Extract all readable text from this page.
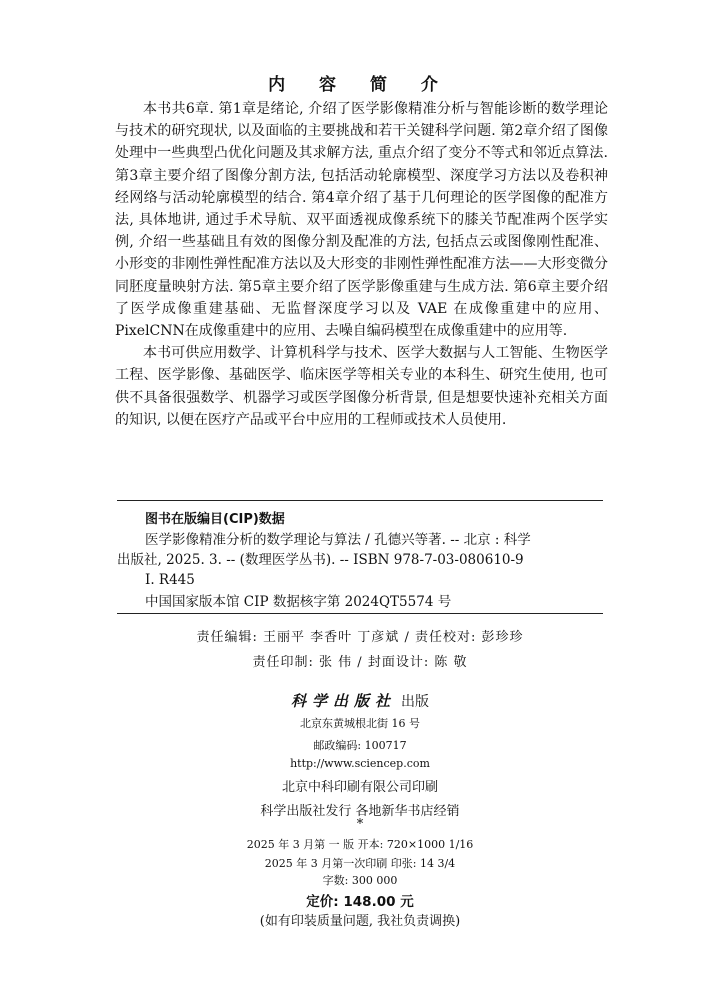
内 容 简 介

本书共6章. 第1章是绪论, 介绍了医学影像精准分析与智能诊断的数学理论与技术的研究现状, 以及面临的主要挑战和若干关键科学问题. 第2章介绍了图像处理中一些典型凸优化问题及其求解方法, 重点介绍了变分不等式和邻近点算法. 第3章主要介绍了图像分割方法, 包括活动轮廓模型、深度学习方法以及卷积神经网络与活动轮廓模型的结合. 第4章介绍了基于几何理论的医学图像的配准方法, 具体地讲, 通过手术导航、双平面透视成像系统下的膝关节配准两个医学实例, 介绍一些基础且有效的图像分割及配准的方法, 包括点云或图像刚性配准、小形变的非刚性弹性配准方法以及大形变的非刚性弹性配准方法——大形变微分同胚度量映射方法. 第5章主要介绍了医学影像重建与生成方法. 第6章主要介绍了医学成像重建基础、无监督深度学习以及 VAE 在成像重建中的应用、PixelCNN在成像重建中的应用、去噪自编码模型在成像重建中的应用等.

本书可供应用数学、计算机科学与技术、医学大数据与人工智能、生物医学工程、医学影像、基础医学、临床医学等相关专业的本科生、研究生使用, 也可供不具备很强数学、机器学习或医学图像分析背景, 但是想要快速补充相关方面的知识, 以便在医疗产品或平台中应用的工程师或技术人员使用.

图书在版编目(CIP)数据
医学影像精准分析的数学理论与算法 / 孔德兴等著. -- 北京 : 科学
出版社, 2025. 3. -- (数理医学丛书). -- ISBN 978-7-03-080610-9
Ⅰ. R445
中国国家版本馆 CIP 数据核字第 2024QT5574 号
责任编辑: 王丽平 李香叶 丁彦斌 / 责任校对: 彭珍珍
责任印制: 张 伟 / 封面设计: 陈 敬
科学出版社 出版
北京东黄城根北街 16 号
邮政编码: 100717
http://www.sciencep.com
北京中科印刷有限公司印刷
科学出版社发行 各地新华书店经销
*
2025 年 3 月第 一 版 开本: 720×1000 1/16
2025 年 3 月第一次印刷 印张: 14 3/4
字数: 300 000
定价: 148.00 元
(如有印装质量问题, 我社负责调换)
